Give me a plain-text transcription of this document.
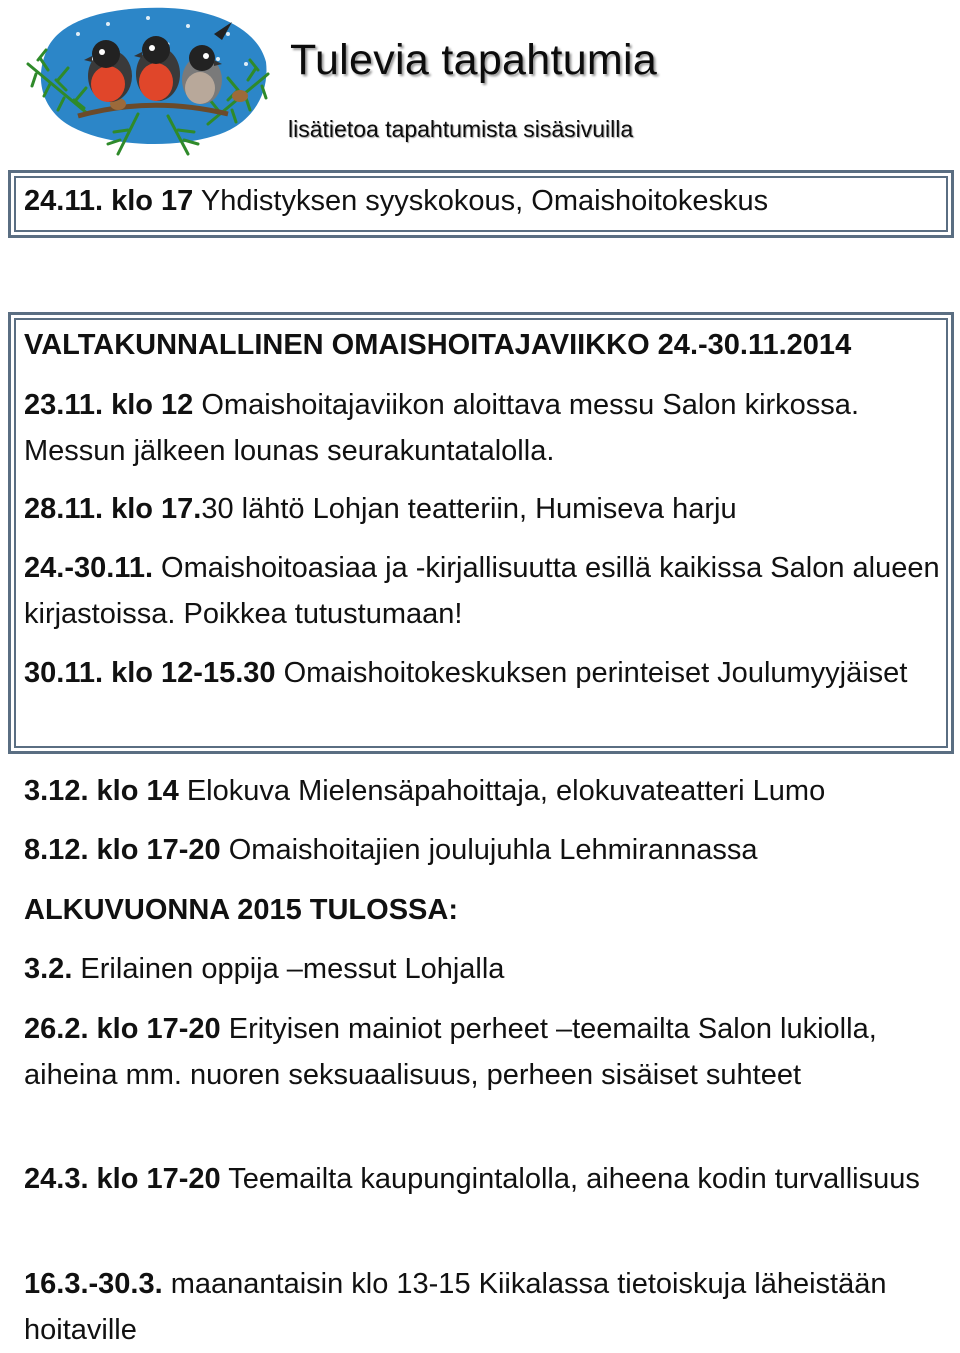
Tulevia tapahtumia

lisätietoa tapahtumista sisäsivuilla

24.11. klo 17 Yhdistyksen syyskokous, Omaishoitokeskus

VALTAKUNNALLINEN OMAISHOITAJAVIIKKO 24.-30.11.2014

23.11. klo 12 Omaishoitajaviikon aloittava messu Salon kirkossa. Messun jälkeen lounas seurakuntatalolla.

28.11. klo 17.30 lähtö Lohjan teatteriin, Humiseva harju

24.-30.11. Omaishoitoasiaa ja -kirjallisuutta esillä kaikissa Salon alueen kirjastoissa. Poikkea tutustumaan!

30.11. klo 12-15.30 Omaishoitokeskuksen perinteiset Joulumyyjäiset

3.12. klo 14 Elokuva Mielensäpahoittaja, elokuvateatteri Lumo

8.12. klo 17-20 Omaishoitajien joulujuhla Lehmirannassa

ALKUVUONNA 2015 TULOSSA:

3.2. Erilainen oppija –messut Lohjalla

26.2. klo 17-20 Erityisen mainiot perheet –teemailta Salon lukiolla, aiheina mm. nuoren seksuaalisuus, perheen sisäiset suhteet

24.3. klo 17-20 Teemailta kaupungintalolla, aiheena kodin turvallisuus

16.3.-30.3. maanantaisin klo 13-15 Kiikalassa tietoiskuja läheistään hoitaville
